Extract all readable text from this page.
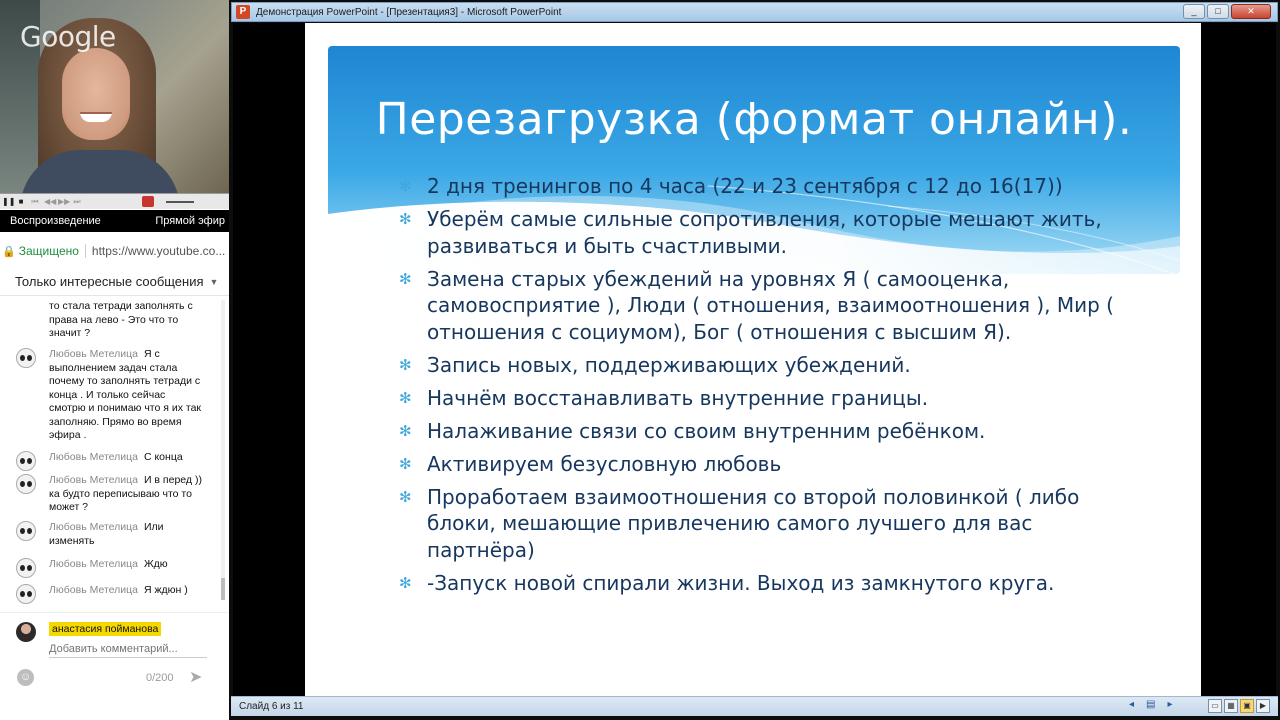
Google
❚❚ ■ ⏮ ◀◀ ▶▶ ⏭
Воспроизведение	Прямой эфир
🔒 Защищено https://www.youtube.co...
Только интересные сообщения ▼
то стала тетради заполнять с права на лево - Это что то значит ?
Любовь Метелица Я с выполнением задач стала почему то заполнять тетради с конца . И только сейчас смотрю и понимаю что я их так заполняю. Прямо во время эфира .
Любовь Метелица С конца
Любовь Метелица И в перед )) ка будто переписываю что то может ?
Любовь Метелица Или изменять
Любовь Метелица Ждю
Любовь Метелица Я ждюн )
анастасия пойманова
Добавить комментарий...
☺	0/200 ➤
P Демонстрация PowerPoint - [Презентация3] - Microsoft PowerPoint	_	□	✕
Перезагрузка (формат онлайн).
✻ 2 дня тренингов по 4 часа (22 и 23 сентября с 12 до 16(17))
✻ Уберём самые сильные сопротивления, которые мешают жить, развиваться и быть счастливыми.
✻ Замена старых убеждений на уровнях Я ( самооценка, самовосприятие ), Люди ( отношения, взаимоотношения ), Мир ( отношения с социумом), Бог ( отношения с высшим Я).
✻ Запись новых, поддерживающих убеждений.
✻ Начнём восстанавливать внутренние границы.
✻ Налаживание связи со своим внутренним ребёнком.
✻ Активируем безусловную любовь
✻ Проработаем взаимоотношения со второй половинкой ( либо блоки, мешающие привлечению самого лучшего для вас партнёра)
✻ -Запуск новой спирали жизни. Выход из замкнутого круга.
Слайд 6 из 11	◂ ▤ ▸	▭	▦	▣	▶
